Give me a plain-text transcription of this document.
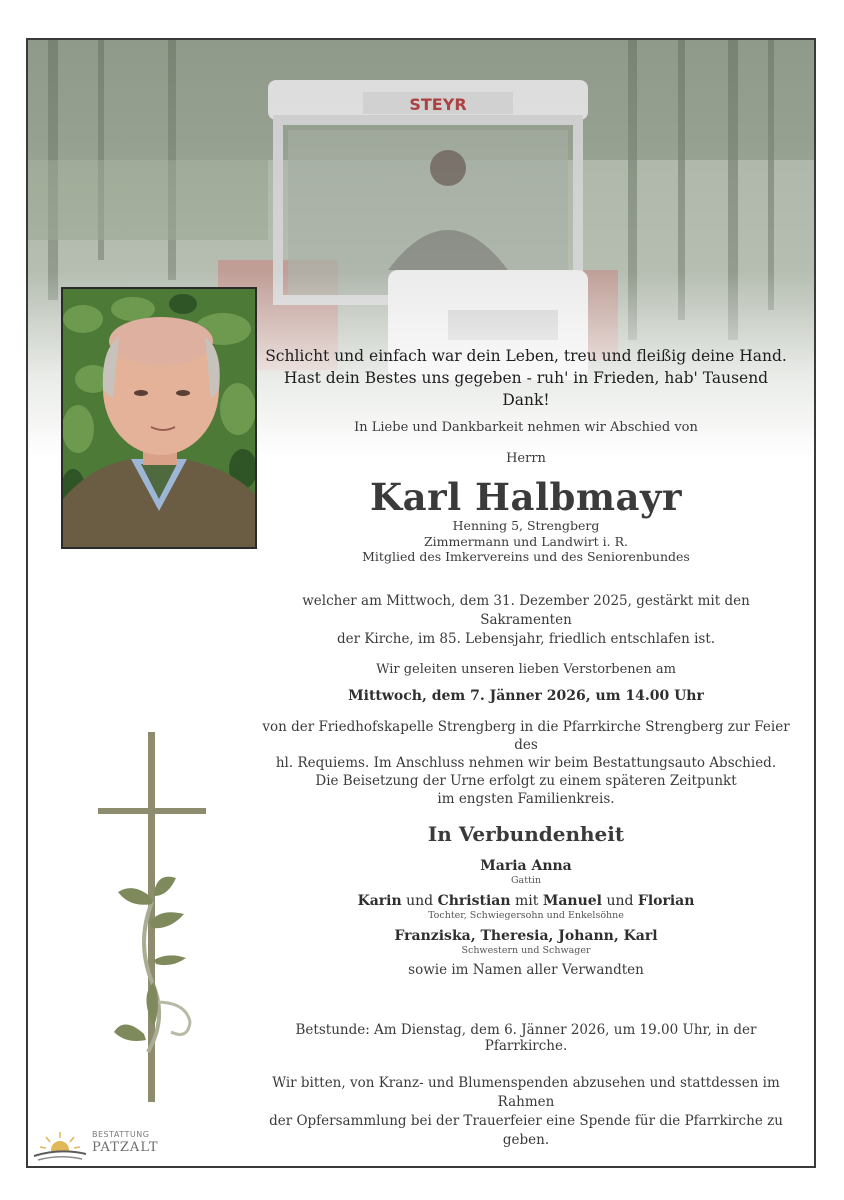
Schlicht und einfach war dein Leben, treu und fleißig deine Hand.
Hast dein Bestes uns gegeben - ruh' in Frieden, hab' Tausend Dank!
In Liebe und Dankbarkeit nehmen wir Abschied von
Herrn
Karl Halbmayr
Henning 5, Strengberg
Zimmermann und Landwirt i. R.
Mitglied des Imkervereins und des Seniorenbundes
welcher am Mittwoch, dem 31. Dezember 2025, gestärkt mit den Sakramenten
der Kirche, im 85. Lebensjahr, friedlich entschlafen ist.
Wir geleiten unseren lieben Verstorbenen am
Mittwoch, dem 7. Jänner 2026, um 14.00 Uhr
von der Friedhofskapelle Strengberg in die Pfarrkirche Strengberg zur Feier des
hl. Requiems. Im Anschluss nehmen wir beim Bestattungsauto Abschied.
Die Beisetzung der Urne erfolgt zu einem späteren Zeitpunkt
im engsten Familienkreis.
In Verbundenheit
Maria Anna
Gattin
Karin und Christian mit Manuel und Florian
Tochter, Schwiegersohn und Enkelsöhne
Franziska, Theresia, Johann, Karl
Schwestern und Schwager
sowie im Namen aller Verwandten
Betstunde: Am Dienstag, dem 6. Jänner 2026, um 19.00 Uhr, in der Pfarrkirche.
Wir bitten, von Kranz- und Blumenspenden abzusehen und stattdessen im Rahmen
der Opfersammlung bei der Trauerfeier eine Spende für die Pfarrkirche zu geben.
BESTATTUNG
PATZALT
